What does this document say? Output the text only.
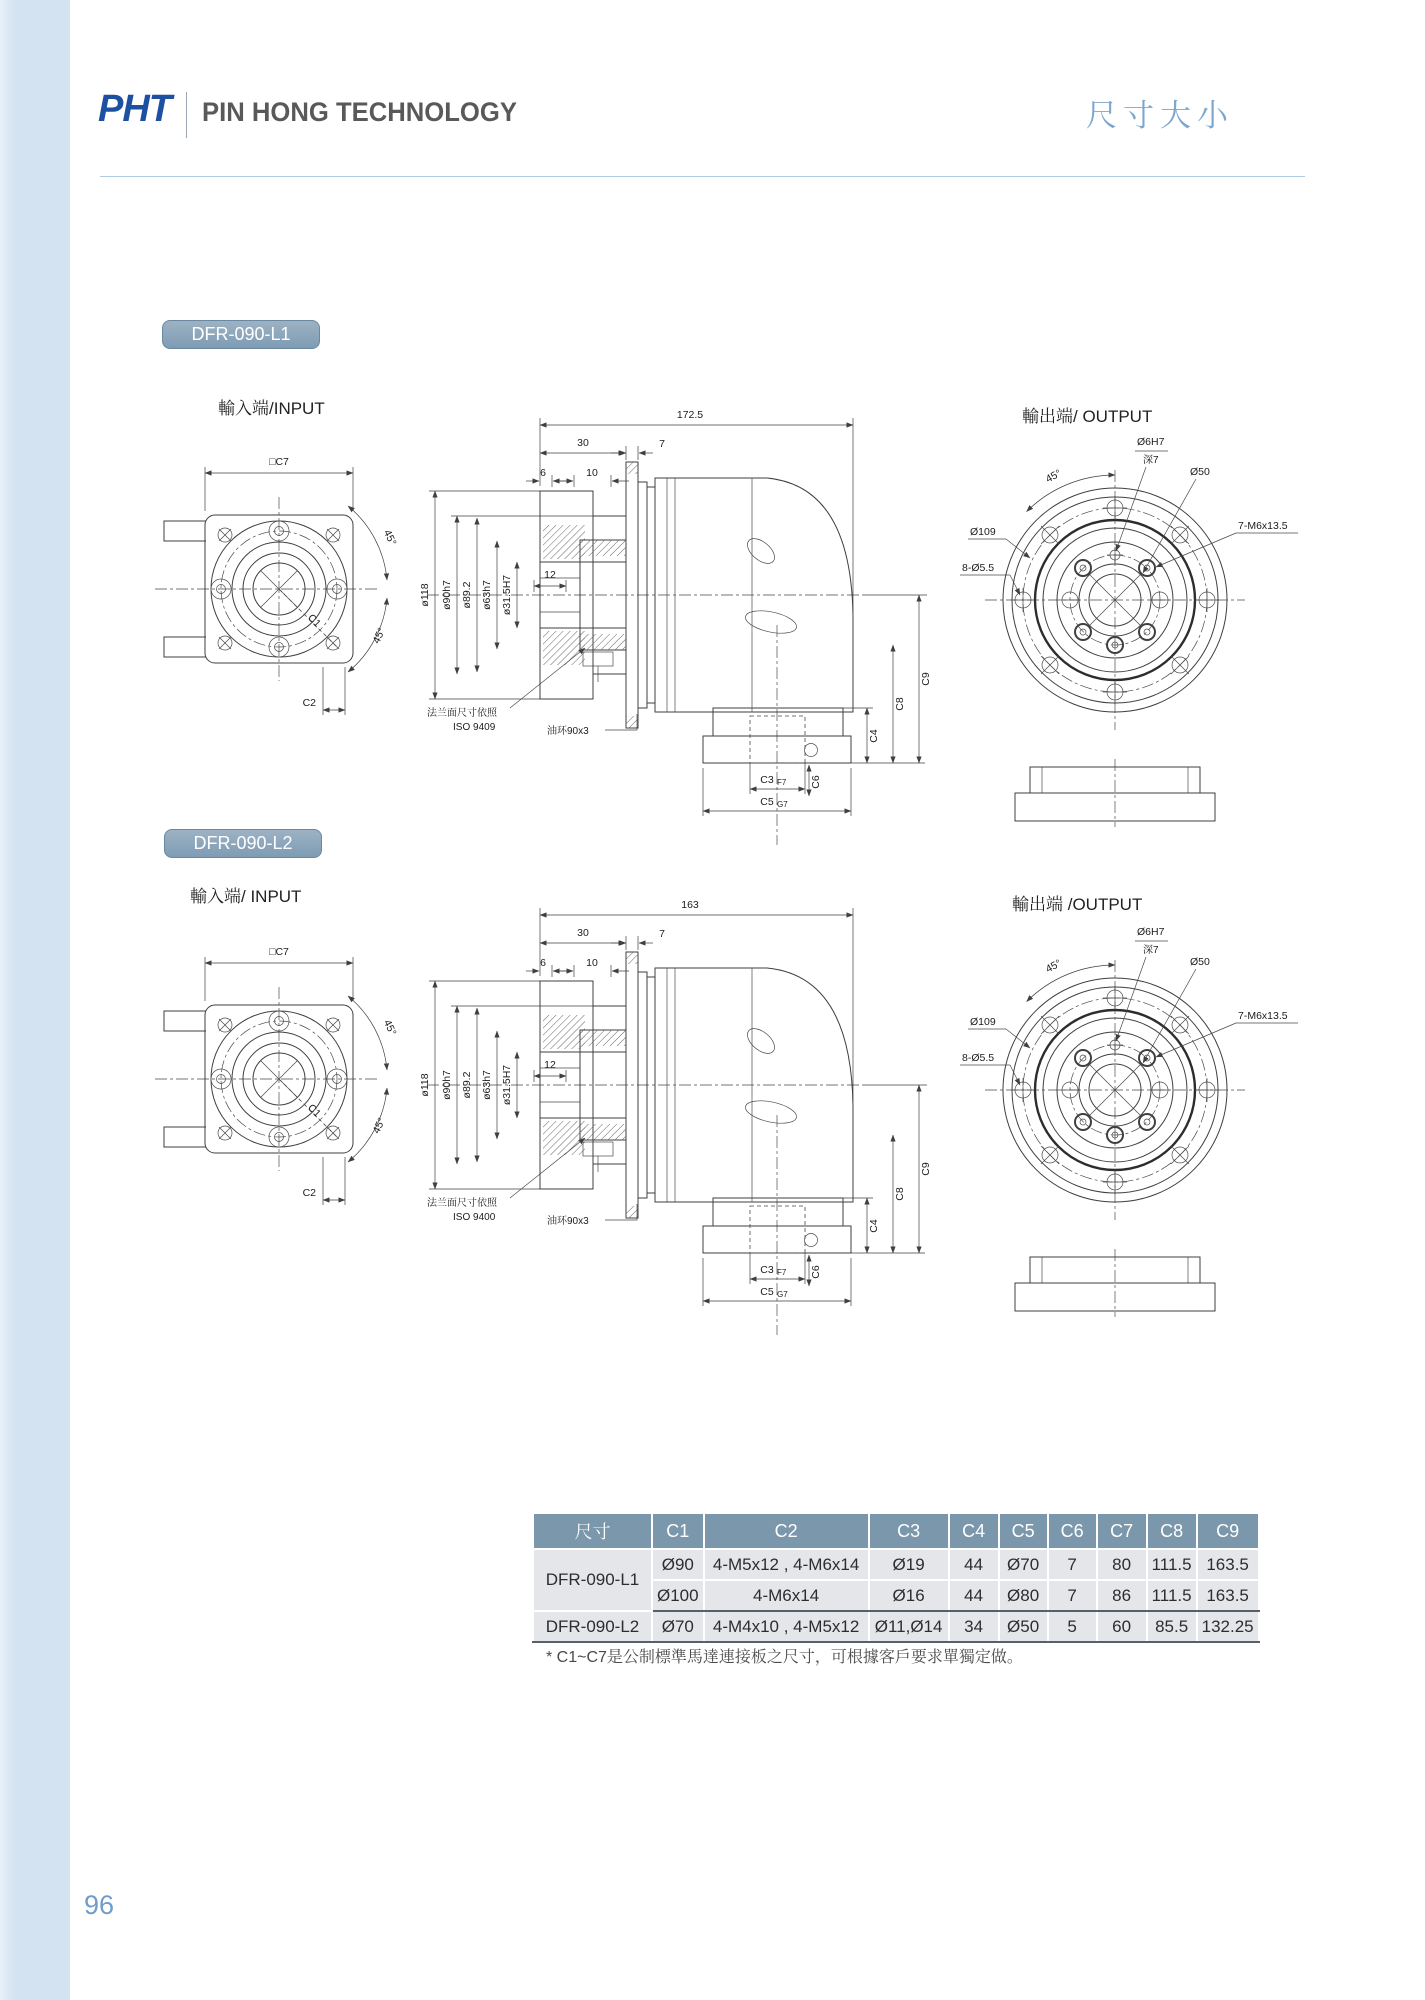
PHT PIN HONG TECHNOLOGY	尺寸大小
DFR-090-L1
輸入端/INPUT	輸出端/ OUTPUT
□C7
C2
C1
45°
45°
172.5
30	7
6	10
12
ø118 ø90h7 ø89.2 ø63h7 ø31.5H7
法兰面尺寸依照
ISO 9409	油环90x3
C3 F7
C5 G7
C6
C4
C8
C9
45°
Ø6H7
深7
Ø50
7-M6x13.5
Ø109
8-Ø5.5
DFR-090-L2
輸入端/ INPUT	輸出端 /OUTPUT
□C7
C2
C1
45°
45°
163
30	7
6	10
12
ø118 ø90h7 ø89.2 ø63h7 ø31.5H7
法兰面尺寸依照
ISO 9400	油环90x3
C3 F7
C5 G7
C6
C4
C8
C9
45°
Ø6H7
深7
Ø50
7-M6x13.5
Ø109
8-Ø5.5
尺寸	C1	C2	C3	C4	C5	C6	C7	C8	C9
DFR-090-L1	Ø90	4-M5x12 , 4-M6x14	Ø19	44	Ø70	7	80	111.5	163.5
	Ø100	4-M6x14	Ø16	44	Ø80	7	86	111.5	163.5
DFR-090-L2	Ø70	4-M4x10 , 4-M5x12	Ø11,Ø14	34	Ø50	5	60	85.5	132.25
* C1~C7是公制標準馬達連接板之尺寸，可根據客戶要求單獨定做。
96
